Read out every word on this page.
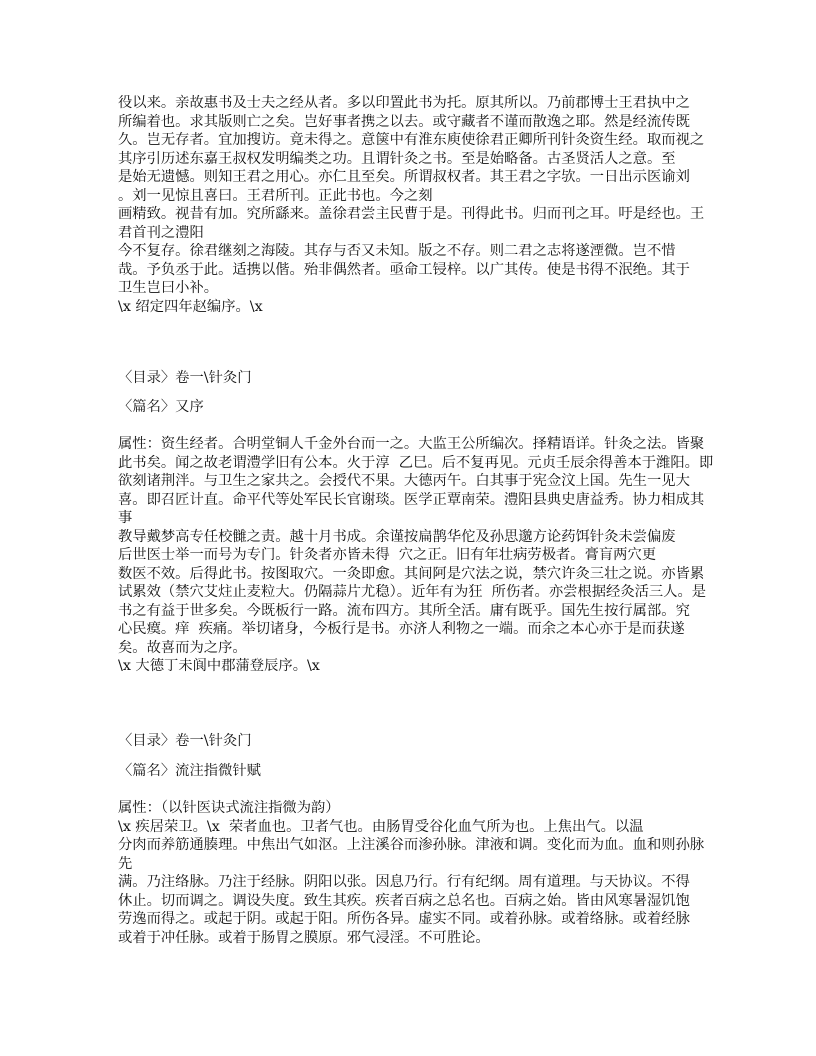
役以来。亲故惠书及士夫之经从者。多以印置此书为托。原其所以。乃前郡博士王君执中之
所编着也。求其版则亡之矣。岂好事者携之以去。或守藏者不谨而散逸之耶。然是经流传既
久。岂无存者。宜加搜访。竟未得之。意箧中有淮东庾使徐君正卿所刊针灸资生经。取而视之
其序引历述东嘉王叔权发明编类之功。且谓针灸之书。至是始略备。古圣贤活人之意。至
是始无遗憾。则知王君之用心。亦仁且至矣。所谓叔权者。其王君之字欤。一日出示医谕刘
。刘一见惊且喜曰。王君所刊。正此书也。今之刻
画精致。视昔有加。究所繇来。盖徐君尝主民曹于是。刊得此书。归而刊之耳。吁是经也。王
君首刊之澧阳
今不复存。徐君继刻之海陵。其存与否又未知。版之不存。则二君之志将遂湮微。岂不惜
哉。予负丞于此。适携以偕。殆非偶然者。亟命工锓梓。以广其传。使是书得不泯绝。其于
卫生岂曰小补。
\x 绍定四年赵编序。\x
〈目录〉卷一\针灸门
〈篇名〉又序
属性：资生经者。合明堂铜人千金外台而一之。大监王公所编次。择精语详。针灸之法。皆聚
此书矣。闻之故老谓澧学旧有公本。火于淳  乙巳。后不复再见。元贞壬辰余得善本于潍阳。即
欲刻诸荆泮。与卫生之家共之。会授代不果。大德丙午。白其事于宪佥汶上国。先生一见大
喜。即召匠计直。命平代等处军民长官谢琰。医学正覃南荣。澧阳县典史唐益秀。协力相成其
事
教导戴梦高专任校雠之责。越十月书成。余谨按扁鹊华佗及孙思邈方论药饵针灸未尝偏废
后世医士举一而号为专门。针灸者亦皆未得  穴之正。旧有年壮病劳极者。膏肓两穴更
数医不效。后得此书。按图取穴。一灸即愈。其间阿是穴法之说，禁穴许灸三壮之说。亦皆累
试累效（禁穴艾炷止麦粒大。仍隔蒜片尤稳）。近年有为狂  所伤者。亦尝根据经灸活三人。是
书之有益于世多矣。今既板行一路。流布四方。其所全活。庸有既乎。国先生按行属部。究
心民瘼。痒  疾痛。举切诸身，今板行是书。亦济人利物之一端。而余之本心亦于是而获遂
矣。故喜而为之序。
\x 大德丁未阆中郡蒲登辰序。\x
〈目录〉卷一\针灸门
〈篇名〉流注指微针赋
属性：（以针医诀式流注指微为韵）
\x 疾居荣卫。\x  荣者血也。卫者气也。由肠胃受谷化血气所为也。上焦出气。以温
分肉而养筋通腠理。中焦出气如沤。上注溪谷而渗孙脉。津液和调。变化而为血。血和则孙脉
先
满。乃注络脉。乃注于经脉。阴阳以张。因息乃行。行有纪纲。周有道理。与天协议。不得
休止。切而调之。调设失度。致生其疾。疾者百病之总名也。百病之始。皆由风寒暑湿饥饱
劳逸而得之。或起于阴。或起于阳。所伤各异。虚实不同。或着孙脉。或着络脉。或着经脉
或着于冲任脉。或着于肠胃之膜原。邪气浸淫。不可胜论。
